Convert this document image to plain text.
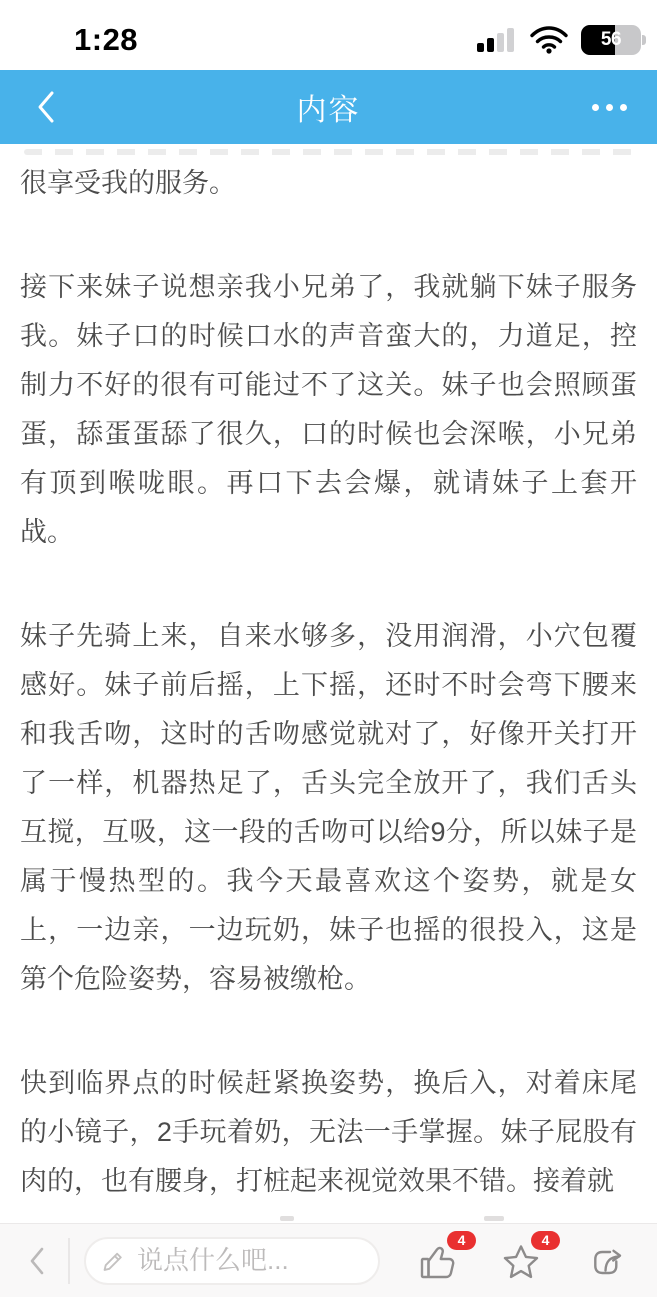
1:28	56
内容

很享受我的服务。

接下来妹子说想亲我小兄弟了，我就躺下妹子服务我。妹子口的时候口水的声音蛮大的，力道足，控制力不好的很有可能过不了这关。妹子也会照顾蛋蛋，舔蛋蛋舔了很久，口的时候也会深喉，小兄弟有顶到喉咙眼。再口下去会爆，就请妹子上套开战。

妹子先骑上来，自来水够多，没用润滑，小穴包覆感好。妹子前后摇，上下摇，还时不时会弯下腰来和我舌吻，这时的舌吻感觉就对了，好像开关打开了一样，机器热足了，舌头完全放开了，我们舌头互搅，互吸，这一段的舌吻可以给9分，所以妹子是属于慢热型的。我今天最喜欢这个姿势，就是女上，一边亲，一边玩奶，妹子也摇的很投入，这是第个危险姿势，容易被缴枪。

快到临界点的时候赶紧换姿势，换后入，对着床尾的小镜子，2手玩着奶，无法一手掌握。妹子屁股有肉的，也有腰身，打桩起来视觉效果不错。接着就

说点什么吧...
4	4
